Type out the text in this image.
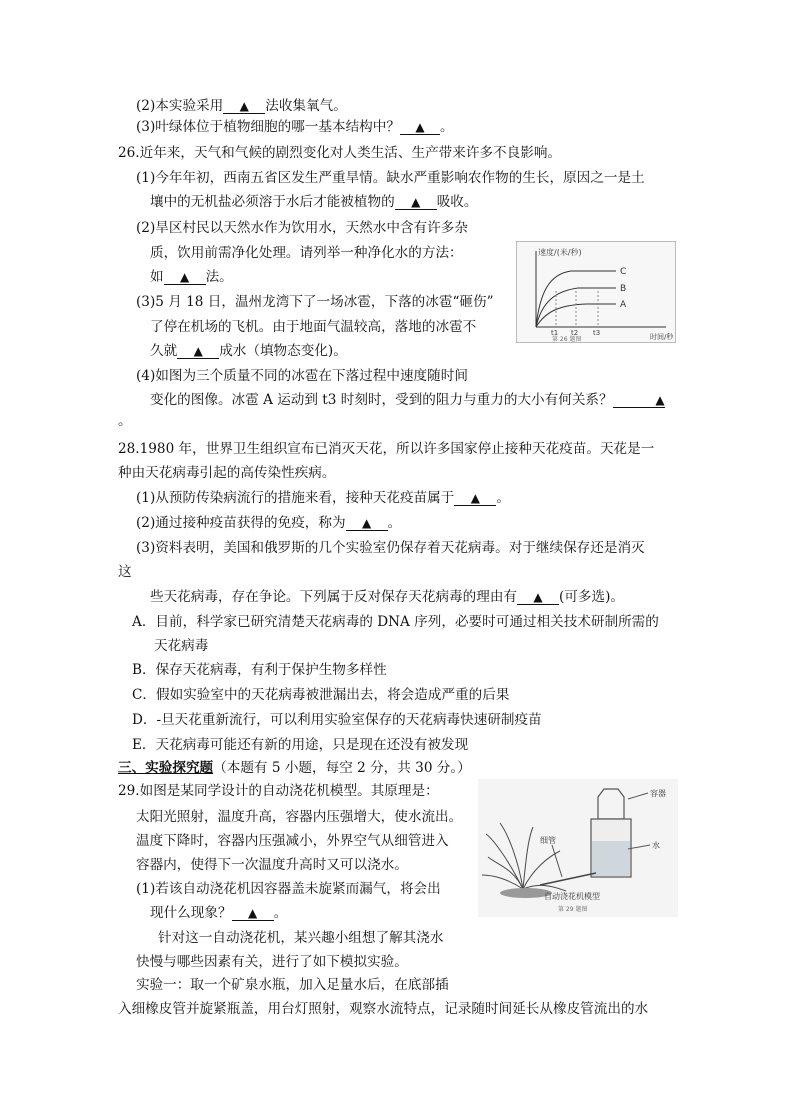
(2)本实验采用 ▲ 法收集氧气。
(3)叶绿体位于植物细胞的哪一基本结构中？ ▲ 。
26.近年来，天气和气候的剧烈变化对人类生活、生产带来许多不良影响。
(1)今年年初，西南五省区发生严重旱情。缺水严重影响农作物的生长，原因之一是土
壤中的无机盐必须溶于水后才能被植物的 ▲ 吸收。
(2)旱区村民以天然水作为饮用水，天然水中含有许多杂
质，饮用前需净化处理。请列举一种净化水的方法：
如 ▲ 法。
(3)5 月 18 日，温州龙湾下了一场冰雹，下落的冰雹“砸伤”
了停在机场的飞机。由于地面气温较高，落地的冰雹不
久就 ▲ 成水（填物态变化)。
(4)如图为三个质量不同的冰雹在下落过程中速度随时间
变化的图像。冰雹 A 运动到 t3 时刻时，受到的阻力与重力的大小有何关系？	▲
。
速度/(米/秒)
时间/秒
C
B
A
t1 t2 t3
第 26 题图
28.1980 年，世界卫生组织宣布已消灭天花，所以许多国家停止接种天花疫苗。天花是一
种由天花病毒引起的高传染性疾病。
(1)从预防传染病流行的措施来看，接种天花疫苗属于 ▲ 。
(2)通过接种疫苗获得的免疫，称为 ▲ 。
(3)资料表明，美国和俄罗斯的几个实验室仍保存着天花病毒。对于继续保存还是消灭
这
些天花病毒，存在争论。下列属于反对保存天花病毒的理由有 ▲ (可多选)。
A．目前，科学家已研究清楚天花病毒的 DNA 序列，必要时可通过相关技术研制所需的
天花病毒
B．保存天花病毒，有利于保护生物多样性
C．假如实验室中的天花病毒被泄漏出去，将会造成严重的后果
D．-旦天花重新流行，可以利用实验室保存的天花病毒快速研制疫苗
E．天花病毒可能还有新的用途，只是现在还没有被发现
三、实验探究题（本题有 5 小题，每空 2 分，共 30 分。）
29.如图是某同学设计的自动浇花机模型。其原理是：
太阳光照射，温度升高，容器内压强增大，使水流出。
温度下降时，容器内压强减小，外界空气从细管进入
容器内，使得下一次温度升高时又可以浇水。
(1)若该自动浇花机因容器盖未旋紧而漏气，将会出
现什么现象？ ▲ 。
针对这一自动浇花机，某兴趣小组想了解其浇水
快慢与哪些因素有关，进行了如下模拟实验。
实验一：取一个矿泉水瓶，加入足量水后，在底部插
入细橡皮管并旋紧瓶盖，用台灯照射，观察水流特点，记录随时间延长从橡皮管流出的水
容器
水
细管
自动浇花机模型
第 29 题图
